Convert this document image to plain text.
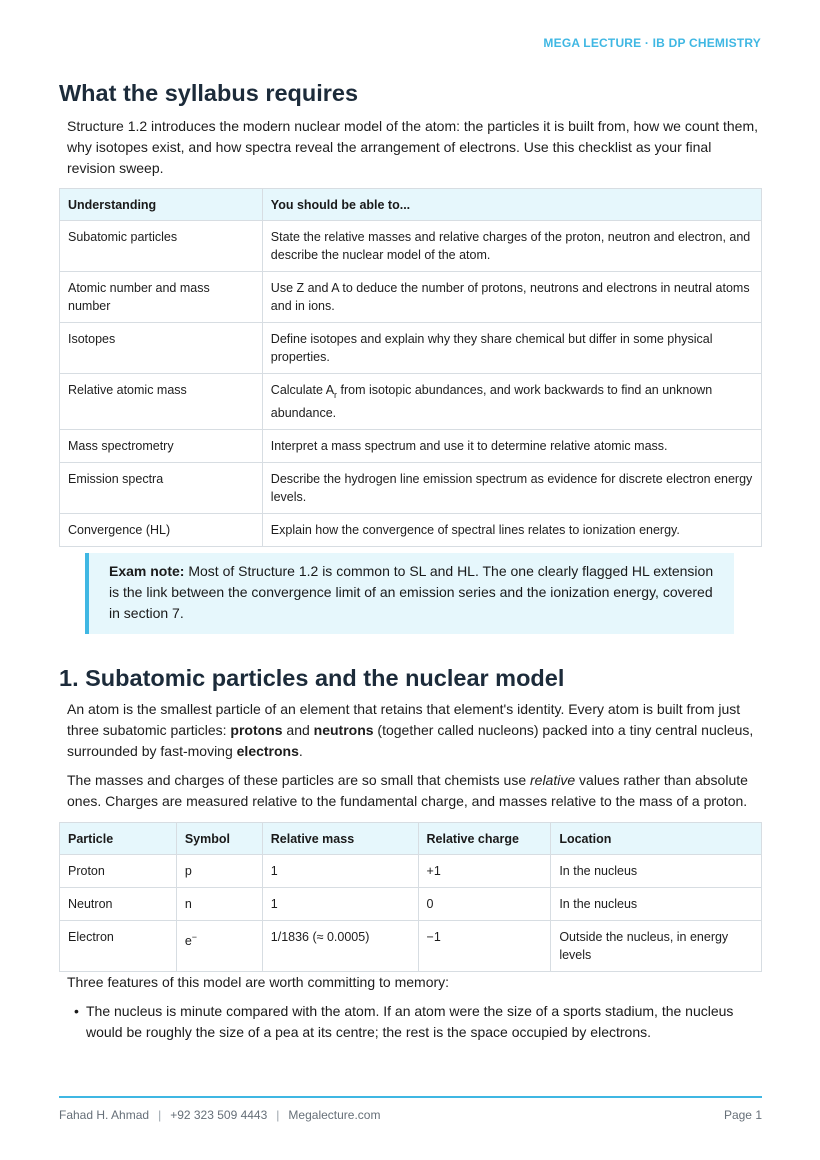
MEGA LECTURE · IB DP CHEMISTRY
What the syllabus requires

Structure 1.2 introduces the modern nuclear model of the atom: the particles it is built from, how we count them, why isotopes exist, and how spectra reveal the arrangement of electrons. Use this checklist as your final revision sweep.

Understanding	You should be able to...
Subatomic particles	State the relative masses and relative charges of the proton, neutron and electron, and describe the nuclear model of the atom.
Atomic number and mass number	Use Z and A to deduce the number of protons, neutrons and electrons in neutral atoms and in ions.
Isotopes	Define isotopes and explain why they share chemical but differ in some physical properties.
Relative atomic mass	Calculate $A_r$ from isotopic abundances, and work backwards to find an unknown abundance.
Mass spectrometry	Interpret a mass spectrum and use it to determine relative atomic mass.
Emission spectra	Describe the hydrogen line emission spectrum as evidence for discrete electron energy levels.
Convergence (HL)	Explain how the convergence of spectral lines relates to ionization energy.
Exam note: Most of Structure 1.2 is common to SL and HL. The one clearly flagged HL extension is the link between the convergence limit of an emission series and the ionization energy, covered in section 7.
1. Subatomic particles and the nuclear model

An atom is the smallest particle of an element that retains that element's identity. Every atom is built from just three subatomic particles: protons and neutrons (together called nucleons) packed into a tiny central nucleus, surrounded by fast-moving electrons.

The masses and charges of these particles are so small that chemists use relative values rather than absolute ones. Charges are measured relative to the fundamental charge, and masses relative to the mass of a proton.

Particle	Symbol	Relative mass	Relative charge	Location
Proton	p	1	+1	In the nucleus
Neutron	n	1	0	In the nucleus
Electron	e−	1/1836 (≈ 0.0005)	−1	Outside the nucleus, in energy levels

Three features of this model are worth committing to memory:

• The nucleus is minute compared with the atom. If an atom were the size of a sports stadium, the nucleus would be roughly the size of a pea at its centre; the rest is the space occupied by electrons.
Fahad H. Ahmad | +92 323 509 4443 | Megalecture.com	Page 1
